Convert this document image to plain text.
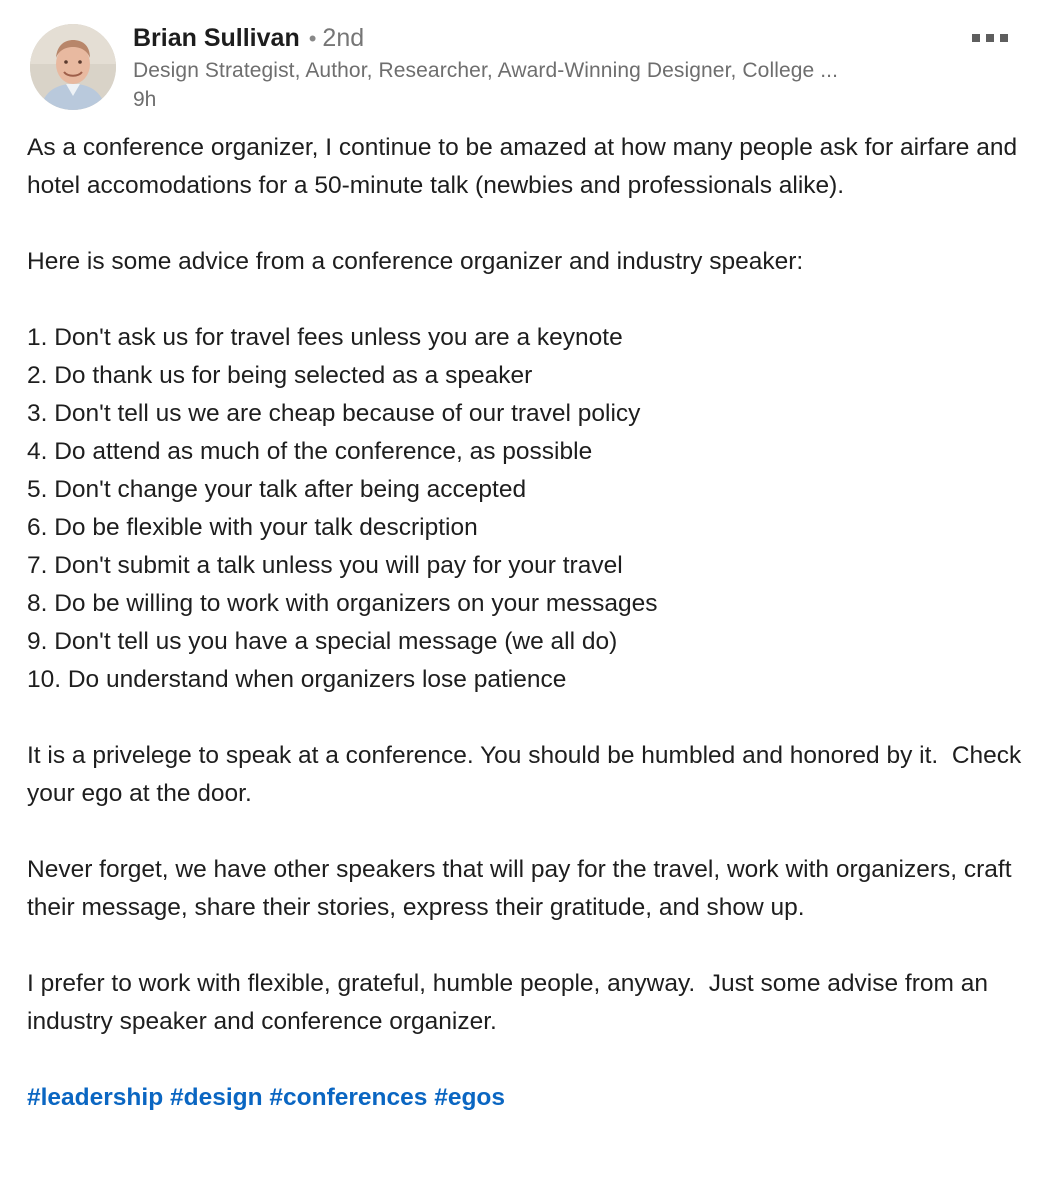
Brian Sullivan • 2nd
Design Strategist, Author, Researcher, Award-Winning Designer, College ...
9h

As a conference organizer, I continue to be amazed at how many people ask for airfare and hotel accomodations for a 50-minute talk (newbies and professionals alike).

Here is some advice from a conference organizer and industry speaker:

1. Don't ask us for travel fees unless you are a keynote

2. Do thank us for being selected as a speaker

3. Don't tell us we are cheap because of our travel policy

4. Do attend as much of the conference, as possible

5. Don't change your talk after being accepted

6. Do be flexible with your talk description

7. Don't submit a talk unless you will pay for your travel

8. Do be willing to work with organizers on your messages

9. Don't tell us you have a special message (we all do)

10. Do understand when organizers lose patience

It is a privelege to speak at a conference. You should be humbled and honored by it.  Check your ego at the door.

Never forget, we have other speakers that will pay for the travel, work with organizers, craft their message, share their stories, express their gratitude, and show up.

I prefer to work with flexible, grateful, humble people, anyway.  Just some advise from an industry speaker and conference organizer.

#leadership #design #conferences #egos
